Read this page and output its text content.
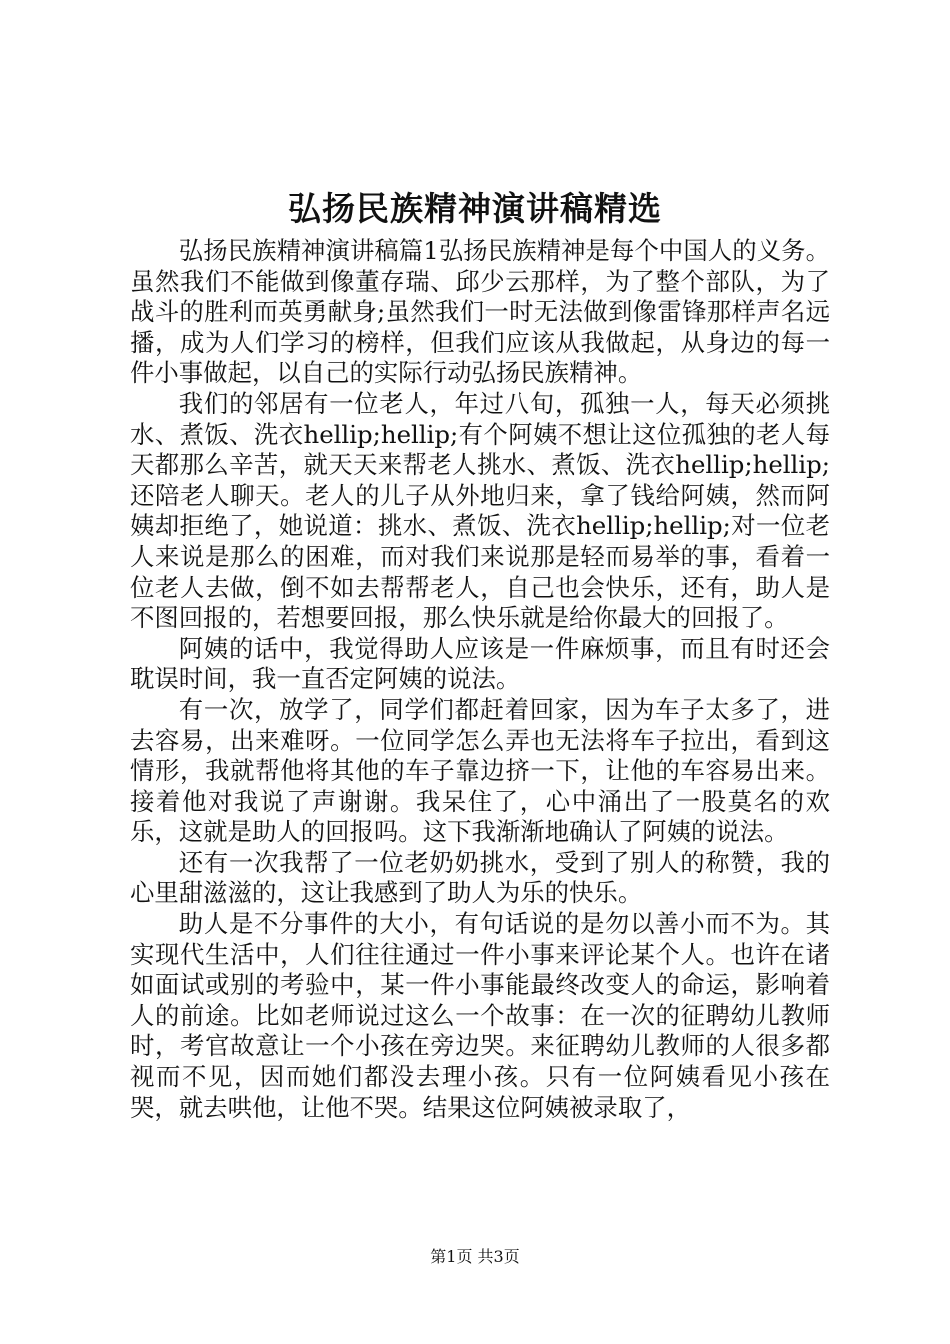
弘扬民族精神演讲稿精选

弘扬民族精神演讲稿篇1弘扬民族精神是每个中国人的义务。虽然我们不能做到像董存瑞、邱少云那样，为了整个部队，为了战斗的胜利而英勇献身;虽然我们一时无法做到像雷锋那样声名远播，成为人们学习的榜样，但我们应该从我做起，从身边的每一件小事做起，以自己的实际行动弘扬民族精神。

我们的邻居有一位老人，年过八旬，孤独一人，每天必须挑水、煮饭、洗衣hellip;hellip;有个阿姨不想让这位孤独的老人每天都那么辛苦，就天天来帮老人挑水、煮饭、洗衣hellip;hellip;还陪老人聊天。老人的儿子从外地归来，拿了钱给阿姨，然而阿姨却拒绝了，她说道：挑水、煮饭、洗衣hellip;hellip;对一位老人来说是那么的困难，而对我们来说那是轻而易举的事，看着一位老人去做，倒不如去帮帮老人，自己也会快乐，还有，助人是不图回报的，若想要回报，那么快乐就是给你最大的回报了。

阿姨的话中，我觉得助人应该是一件麻烦事，而且有时还会耽误时间，我一直否定阿姨的说法。

有一次，放学了，同学们都赶着回家，因为车子太多了，进去容易，出来难呀。一位同学怎么弄也无法将车子拉出，看到这情形，我就帮他将其他的车子靠边挤一下，让他的车容易出来。接着他对我说了声谢谢。我呆住了，心中涌出了一股莫名的欢乐，这就是助人的回报吗。这下我渐渐地确认了阿姨的说法。

还有一次我帮了一位老奶奶挑水，受到了别人的称赞，我的心里甜滋滋的，这让我感到了助人为乐的快乐。

助人是不分事件的大小，有句话说的是勿以善小而不为。其实现代生活中，人们往往通过一件小事来评论某个人。也许在诸如面试或别的考验中，某一件小事能最终改变人的命运，影响着人的前途。比如老师说过这么一个故事：在一次的征聘幼儿教师时，考官故意让一个小孩在旁边哭。来征聘幼儿教师的人很多都视而不见，因而她们都没去理小孩。只有一位阿姨看见小孩在哭，就去哄他，让他不哭。结果这位阿姨被录取了，

第1页 共3页
